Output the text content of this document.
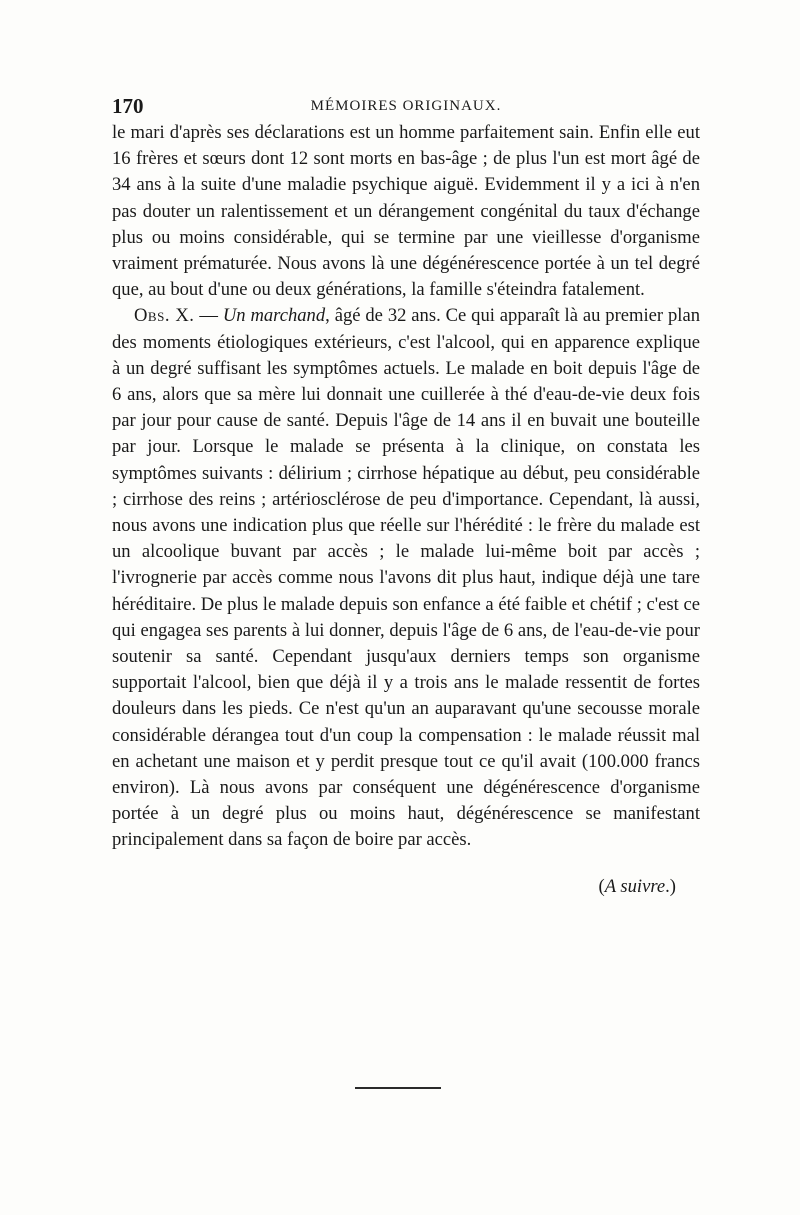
170	MÉMOIRES ORIGINAUX.

le mari d'après ses déclarations est un homme parfaitement sain. Enfin elle eut 16 frères et sœurs dont 12 sont morts en bas-âge ; de plus l'un est mort âgé de 34 ans à la suite d'une maladie psychique aiguë. Evidemment il y a ici à n'en pas douter un ralentissement et un dérangement congénital du taux d'échange plus ou moins considérable, qui se termine par une vieillesse d'organisme vraiment prématurée. Nous avons là une dégénérescence portée à un tel degré que, au bout d'une ou deux générations, la famille s'éteindra fatalement.

Obs. X. — Un marchand, âgé de 32 ans. Ce qui apparaît là au premier plan des moments étiologiques extérieurs, c'est l'alcool, qui en apparence explique à un degré suffisant les symptômes actuels. Le malade en boit depuis l'âge de 6 ans, alors que sa mère lui donnait une cuillerée à thé d'eau-de-vie deux fois par jour pour cause de santé. Depuis l'âge de 14 ans il en buvait une bouteille par jour. Lorsque le malade se présenta à la clinique, on constata les symptômes suivants : délirium ; cirrhose hépatique au début, peu considérable ; cirrhose des reins ; artériosclérose de peu d'importance. Cependant, là aussi, nous avons une indication plus que réelle sur l'hérédité : le frère du malade est un alcoolique buvant par accès ; le malade lui-même boit par accès ; l'ivrognerie par accès comme nous l'avons dit plus haut, indique déjà une tare héréditaire. De plus le malade depuis son enfance a été faible et chétif ; c'est ce qui engagea ses parents à lui donner, depuis l'âge de 6 ans, de l'eau-de-vie pour soutenir sa santé. Cependant jusqu'aux derniers temps son organisme supportait l'alcool, bien que déjà il y a trois ans le malade ressentit de fortes douleurs dans les pieds. Ce n'est qu'un an auparavant qu'une secousse morale considérable dérangea tout d'un coup la compensation : le malade réussit mal en achetant une maison et y perdit presque tout ce qu'il avait (100.000 francs environ). Là nous avons par conséquent une dégénérescence d'organisme portée à un degré plus ou moins haut, dégénérescence se manifestant principalement dans sa façon de boire par accès.

(A suivre.)
